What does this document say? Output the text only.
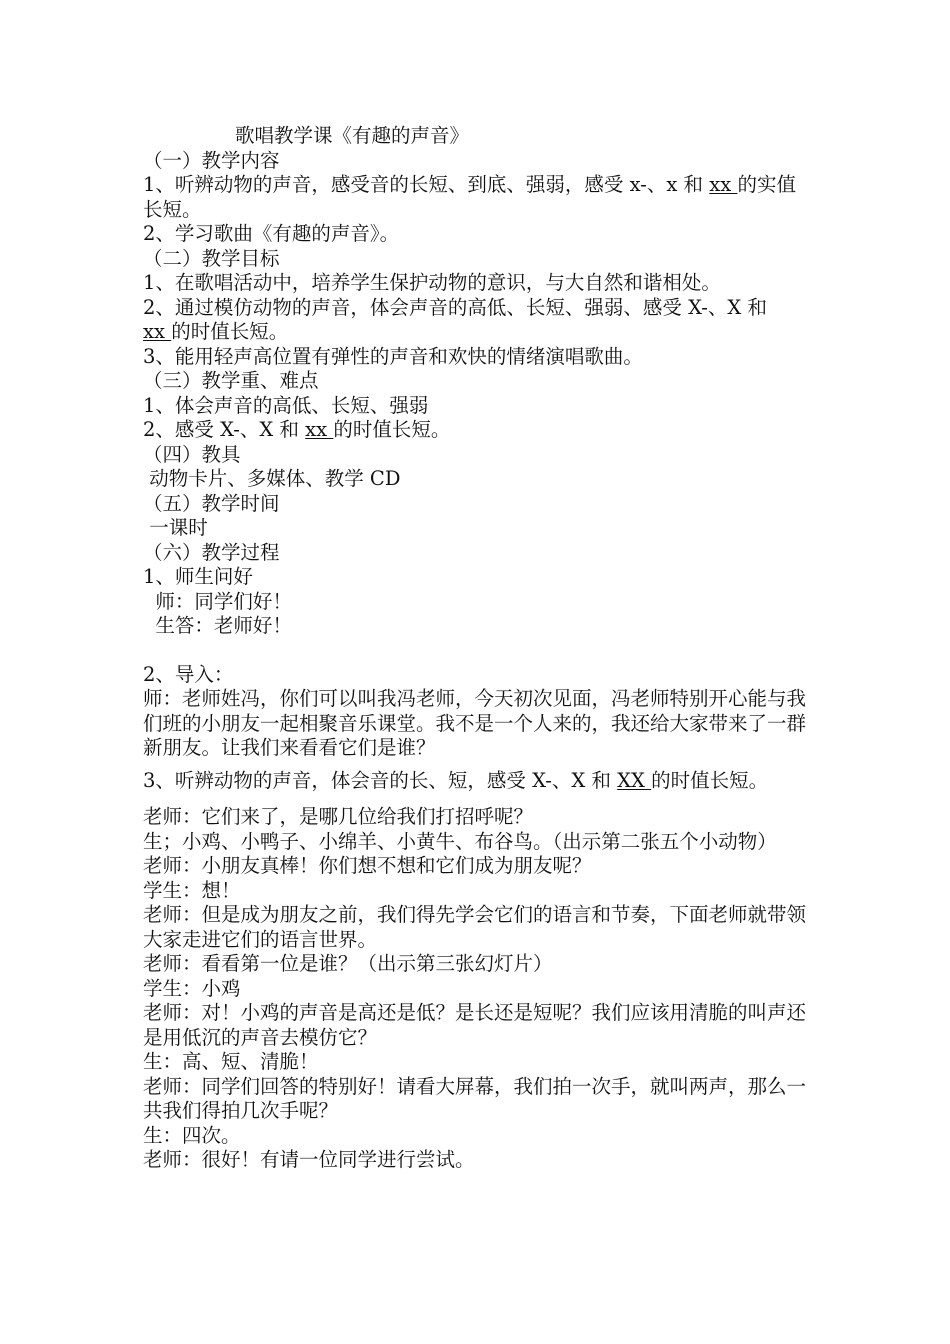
歌唱教学课《有趣的声音》
（一）教学内容
1、听辨动物的声音，感受音的长短、到底、强弱，感受 x-、x 和 xx 的实值长短。
2、学习歌曲《有趣的声音》。
（二）教学目标
1、在歌唱活动中，培养学生保护动物的意识，与大自然和谐相处。
2、通过模仿动物的声音，体会声音的高低、长短、强弱、感受 X-、X 和
xx 的时值长短。
3、能用轻声高位置有弹性的声音和欢快的情绪演唱歌曲。
（三）教学重、难点
1、体会声音的高低、长短、强弱
2、感受 X-、X 和 xx 的时值长短。
（四）教具
动物卡片、多媒体、教学 CD
（五）教学时间
一课时
（六）教学过程
1、师生问好
师：同学们好！
生答：老师好！
2、导入：
师：老师姓冯，你们可以叫我冯老师，今天初次见面，冯老师特别开心能与我们班的小朋友一起相聚音乐课堂。我不是一个人来的，我还给大家带来了一群新朋友。让我们来看看它们是谁？
3、听辨动物的声音，体会音的长、短，感受 X-、X 和 XX 的时值长短。
老师：它们来了，是哪几位给我们打招呼呢？
生；小鸡、小鸭子、小绵羊、小黄牛、布谷鸟。（出示第二张五个小动物）
老师：小朋友真棒！你们想不想和它们成为朋友呢？
学生：想！
老师：但是成为朋友之前，我们得先学会它们的语言和节奏，下面老师就带领大家走进它们的语言世界。
老师：看看第一位是谁？（出示第三张幻灯片）
学生：小鸡
老师：对！小鸡的声音是高还是低？是长还是短呢？我们应该用清脆的叫声还是用低沉的声音去模仿它？
生：高、短、清脆！
老师：同学们回答的特别好！请看大屏幕，我们拍一次手，就叫两声，那么一共我们得拍几次手呢？
生：四次。
老师：很好！有请一位同学进行尝试。
